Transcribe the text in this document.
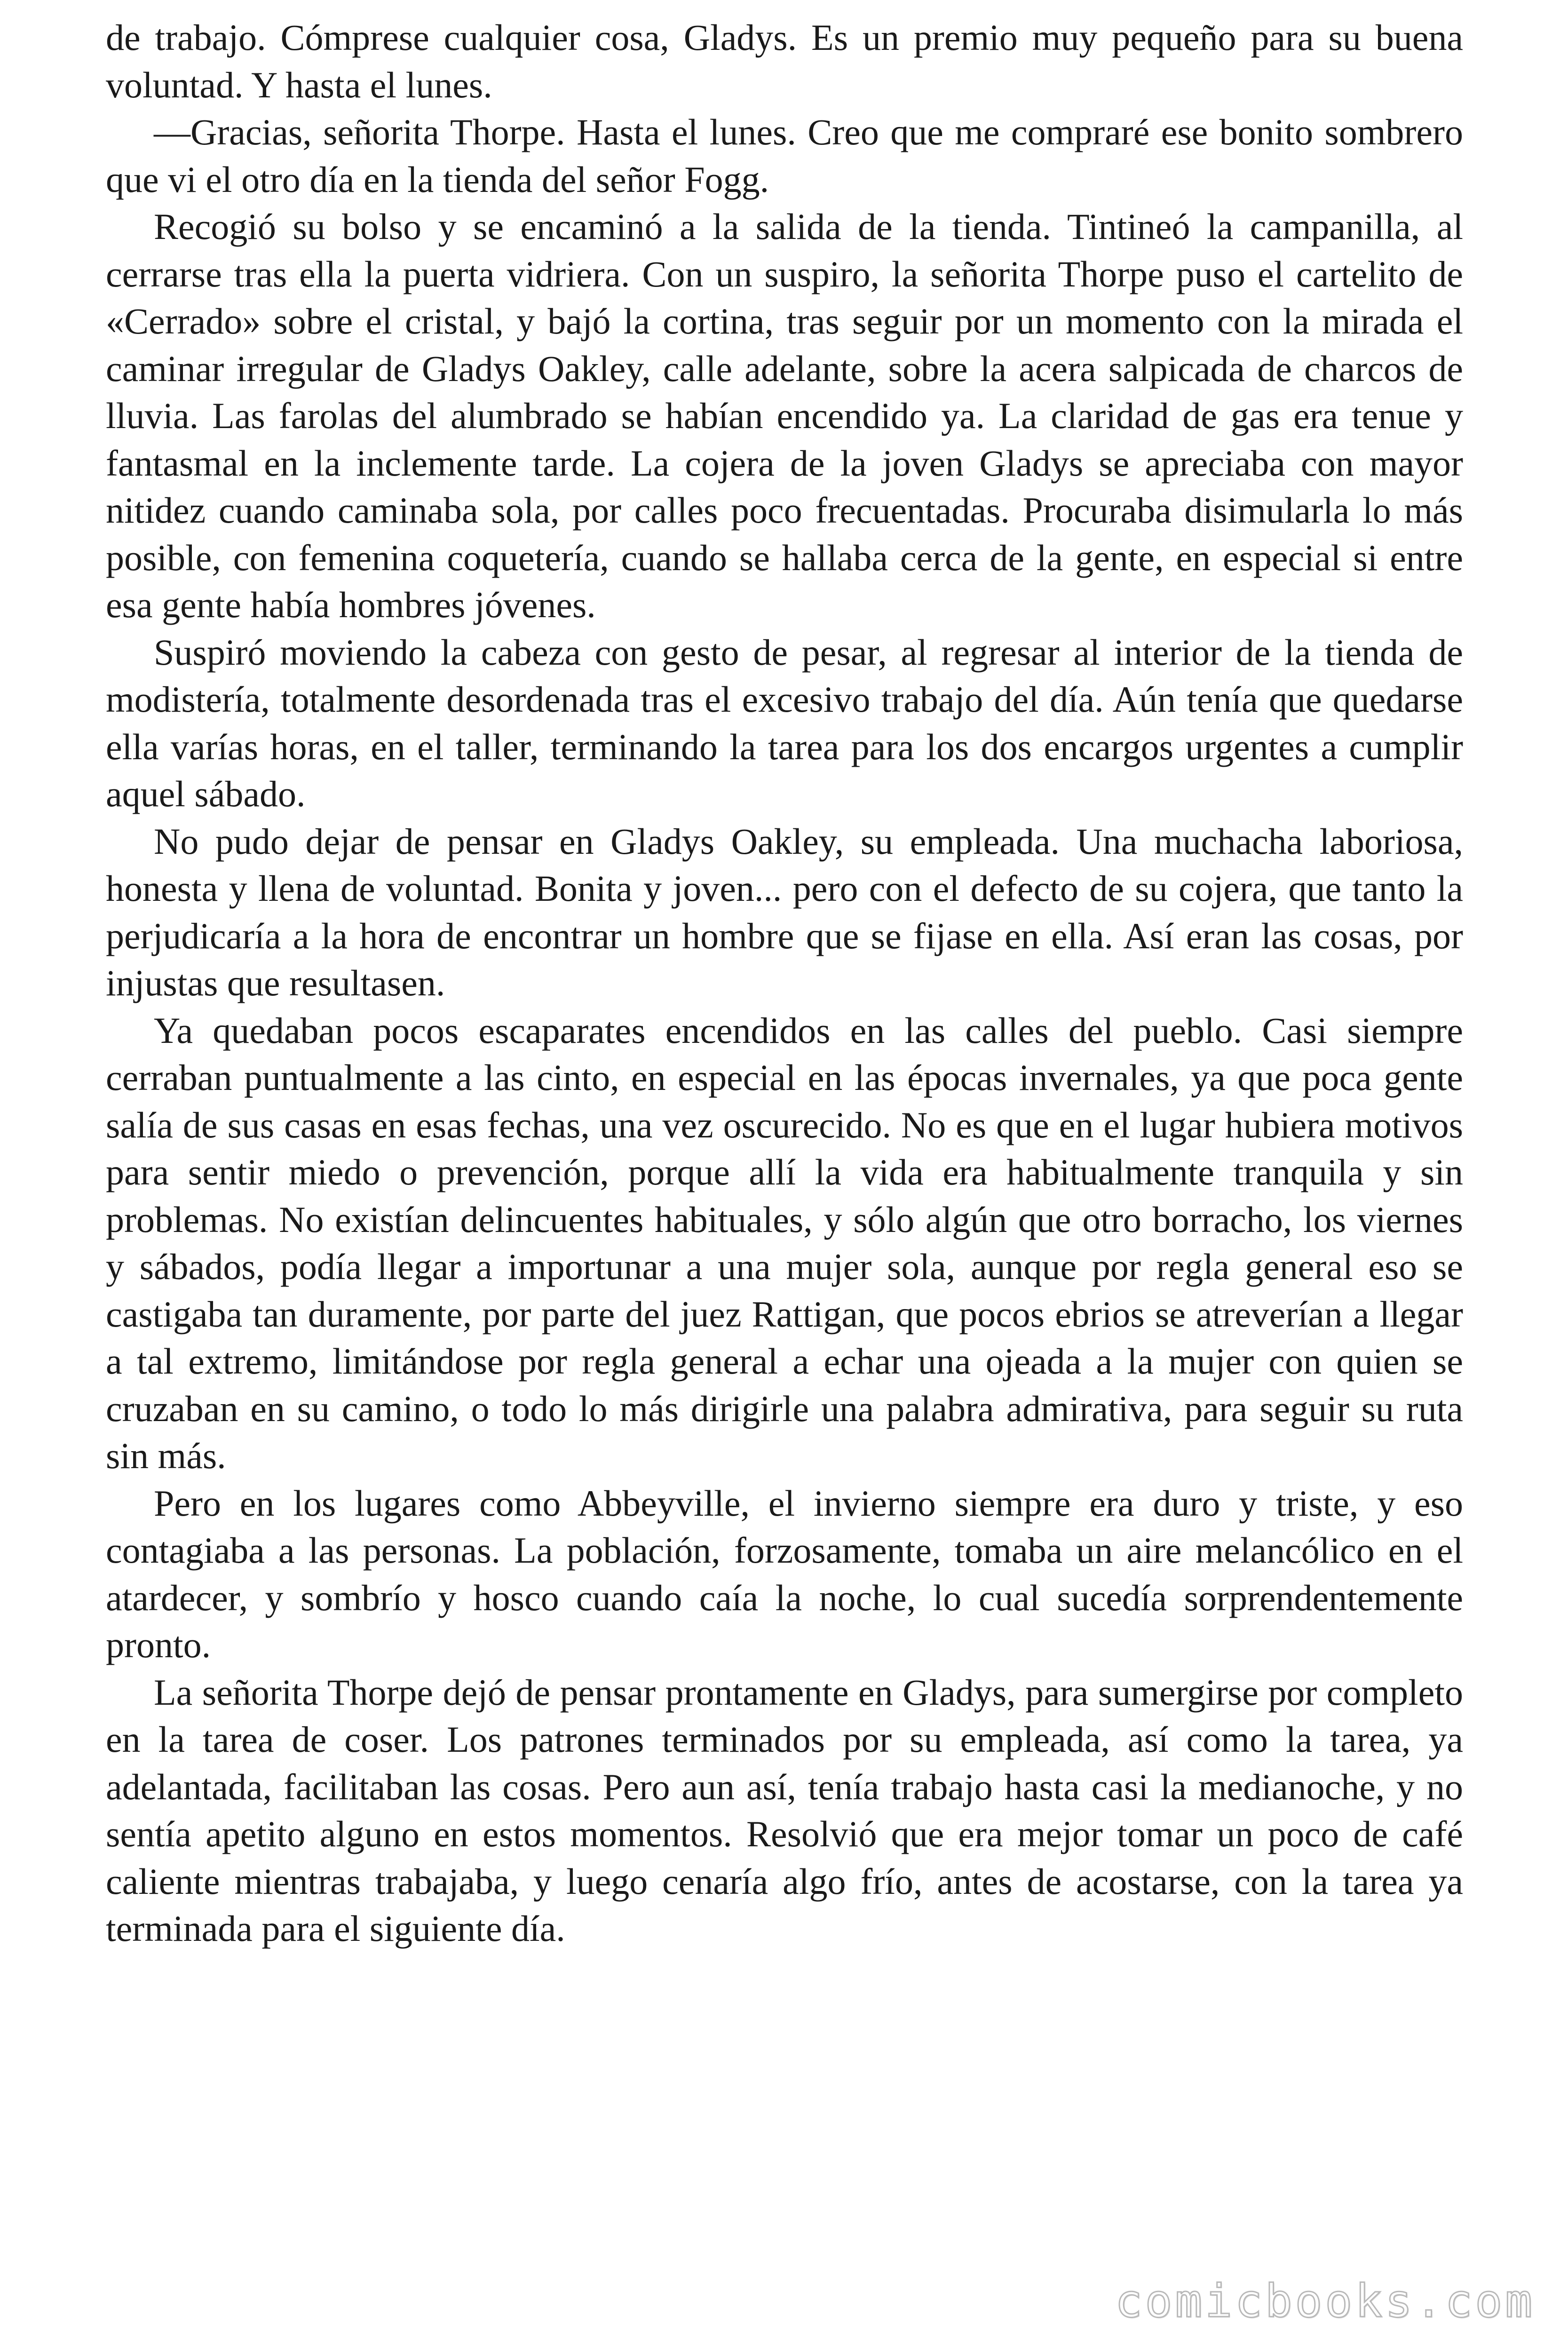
de trabajo. Cómprese cualquier cosa, Gladys. Es un premio muy pequeño para su buena voluntad. Y hasta el lunes.

—Gracias, señorita Thorpe. Hasta el lunes. Creo que me compraré ese bonito sombrero que vi el otro día en la tienda del señor Fogg.

Recogió su bolso y se encaminó a la salida de la tienda. Tintineó la campanilla, al cerrarse tras ella la puerta vidriera. Con un suspiro, la señorita Thorpe puso el cartelito de «Cerrado» sobre el cristal, y bajó la cortina, tras seguir por un momento con la mirada el caminar irregular de Gladys Oakley, calle adelante, sobre la acera salpicada de charcos de lluvia. Las farolas del alumbrado se habían encendido ya. La claridad de gas era tenue y fantasmal en la inclemente tarde. La cojera de la joven Gladys se apreciaba con mayor nitidez cuando caminaba sola, por calles poco frecuentadas. Procuraba disimularla lo más posible, con femenina coquetería, cuando se hallaba cerca de la gente, en especial si entre esa gente había hombres jóvenes.

Suspiró moviendo la cabeza con gesto de pesar, al regresar al interior de la tienda de modistería, totalmente desordenada tras el excesivo trabajo del día. Aún tenía que quedarse ella varías horas, en el taller, terminando la tarea para los dos encargos urgentes a cumplir aquel sábado.

No pudo dejar de pensar en Gladys Oakley, su empleada. Una muchacha laboriosa, honesta y llena de voluntad. Bonita y joven... pero con el defecto de su cojera, que tanto la perjudicaría a la hora de encontrar un hombre que se fijase en ella. Así eran las cosas, por injustas que resultasen.

Ya quedaban pocos escaparates encendidos en las calles del pueblo. Casi siempre cerraban puntualmente a las cinto, en especial en las épocas invernales, ya que poca gente salía de sus casas en esas fechas, una vez oscurecido. No es que en el lugar hubiera motivos para sentir miedo o prevención, porque allí la vida era habitualmente tranquila y sin problemas. No existían delincuentes habituales, y sólo algún que otro borracho, los viernes y sábados, podía llegar a importunar a una mujer sola, aunque por regla general eso se castigaba tan duramente, por parte del juez Rattigan, que pocos ebrios se atreverían a llegar a tal extremo, limitándose por regla general a echar una ojeada a la mujer con quien se cruzaban en su camino, o todo lo más dirigirle una palabra admirativa, para seguir su ruta sin más.

Pero en los lugares como Abbeyville, el invierno siempre era duro y triste, y eso contagiaba a las personas. La población, forzosamente, tomaba un aire melancólico en el atardecer, y sombrío y hosco cuando caía la noche, lo cual sucedía sorprendentemente pronto.

La señorita Thorpe dejó de pensar prontamente en Gladys, para sumergirse por completo en la tarea de coser. Los patrones terminados por su empleada, así como la tarea, ya adelantada, facilitaban las cosas. Pero aun así, tenía trabajo hasta casi la medianoche, y no sentía apetito alguno en estos momentos. Resolvió que era mejor tomar un poco de café caliente mientras trabajaba, y luego cenaría algo frío, antes de acostarse, con la tarea ya terminada para el siguiente día.

comicbooks.com
